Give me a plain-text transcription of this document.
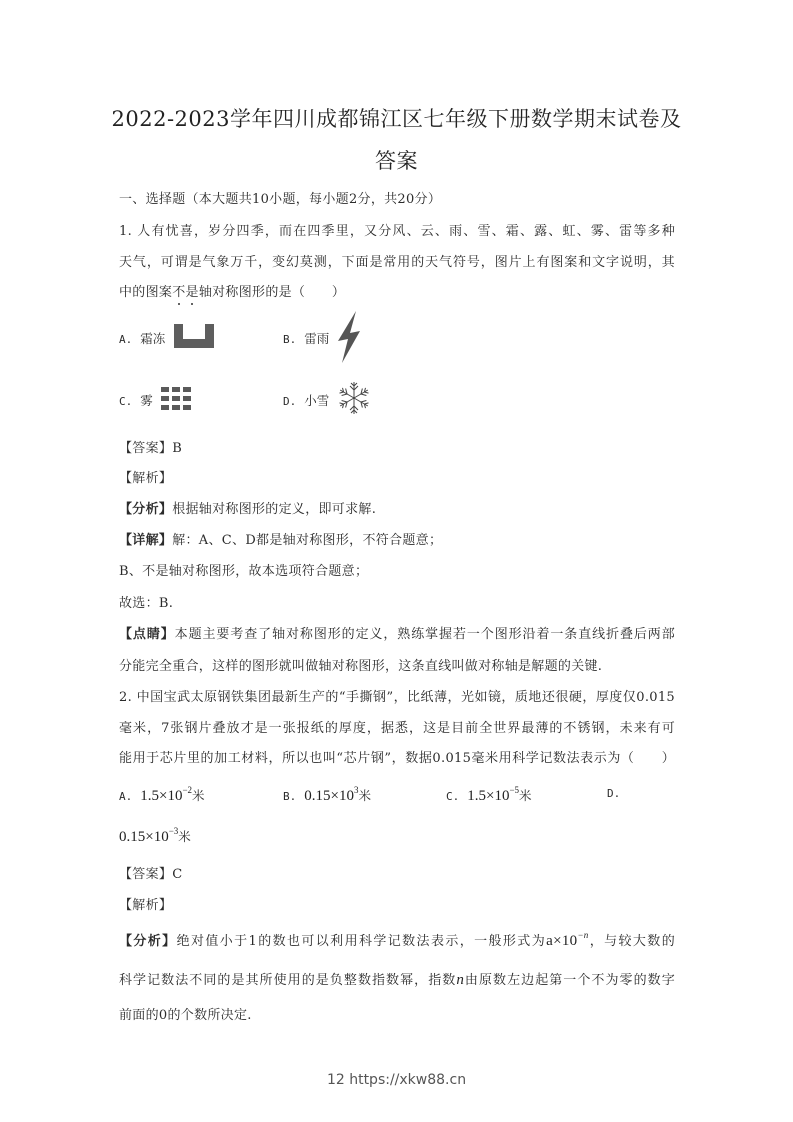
2022-2023学年四川成都锦江区七年级下册数学期末试卷及
答案
一、选择题（本大题共10小题，每小题2分，共20分）
1. 人有忧喜，岁分四季，而在四季里，又分风、云、雨、雪、霜、露、虹、雾、雷等多种
天气，可谓是气象万千，变幻莫测，下面是常用的天气符号，图片上有图案和文字说明，其
中的图案不是轴对称图形的是（　　）
A. 霜冻	B. 雷雨
C. 雾	D. 小雪
【答案】B
【解析】
【分析】根据轴对称图形的定义，即可求解.
【详解】解：A、C、D都是轴对称图形，不符合题意；
B、不是轴对称图形，故本选项符合题意；
故选：B.
【点睛】本题主要考查了轴对称图形的定义，熟练掌握若一个图形沿着一条直线折叠后两部
分能完全重合，这样的图形就叫做轴对称图形，这条直线叫做对称轴是解题的关键.
2. 中国宝武太原钢铁集团最新生产的“手撕钢”，比纸薄，光如镜，质地还很硬，厚度仅0.015
毫米，7张钢片叠放才是一张报纸的厚度，据悉，这是目前全世界最薄的不锈钢，未来有可
能用于芯片里的加工材料，所以也叫“芯片钢”，数据0.015毫米用科学记数法表示为（　　）
A. $1.5\times 10^{-2}$米	B. $0.15\times 10^3$米	C. $1.5\times 10^{-5}$米	D.
$0.15\times 10^{-3}$米
【答案】C
【解析】
【分析】绝对值小于1的数也可以利用科学记数法表示，一般形式为$a\times 10^{-n}$，与较大数的
科学记数法不同的是其所使用的是负整数指数幂，指数n由原数左边起第一个不为零的数字
前面的0的个数所决定.
12 https://xkw88.cn
